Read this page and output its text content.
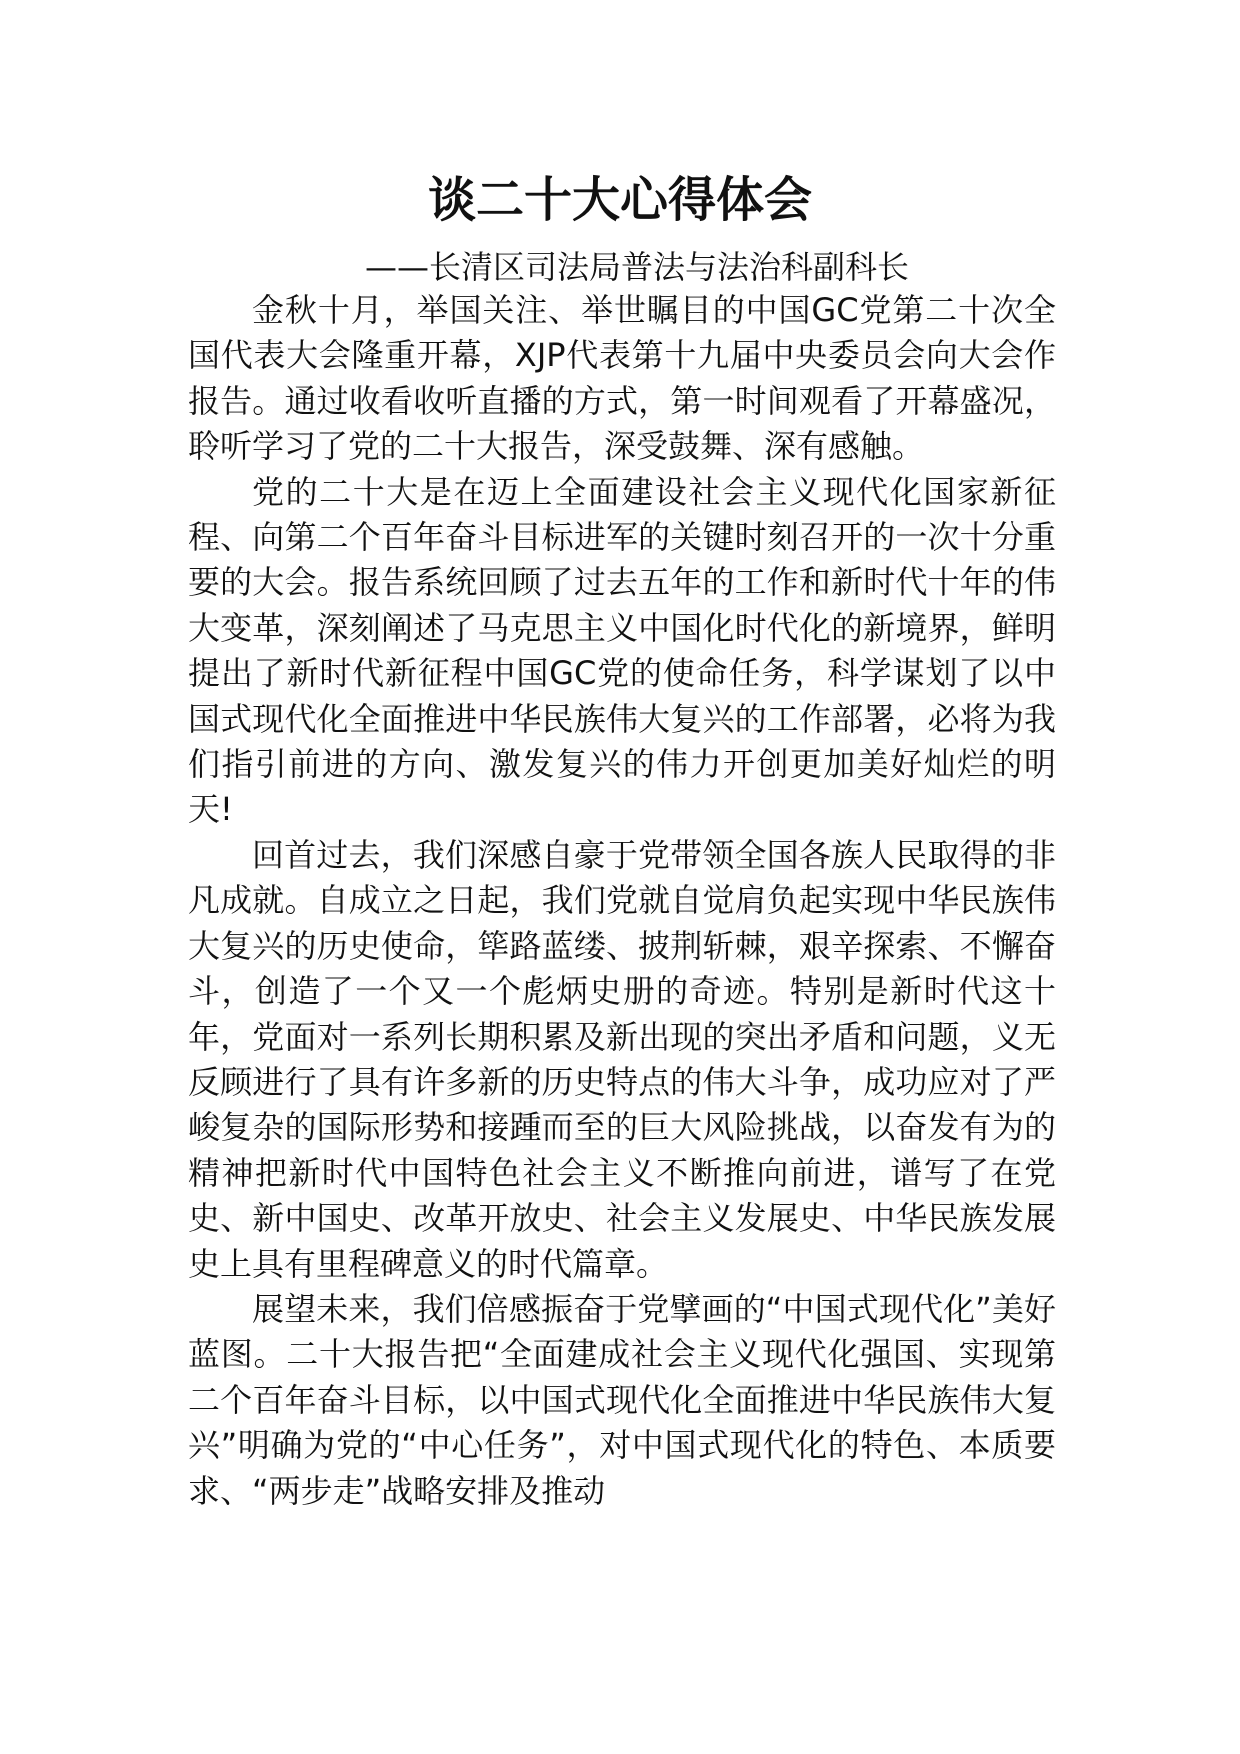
谈二十大心得体会

——长清区司法局普法与法治科副科长

金秋十月，举国关注、举世瞩目的中国GC党第二十次全国代表大会隆重开幕，XJP代表第十九届中央委员会向大会作报告。通过收看收听直播的方式，第一时间观看了开幕盛况，聆听学习了党的二十大报告，深受鼓舞、深有感触。

党的二十大是在迈上全面建设社会主义现代化国家新征程、向第二个百年奋斗目标进军的关键时刻召开的一次十分重要的大会。报告系统回顾了过去五年的工作和新时代十年的伟大变革，深刻阐述了马克思主义中国化时代化的新境界，鲜明提出了新时代新征程中国GC党的使命任务，科学谋划了以中国式现代化全面推进中华民族伟大复兴的工作部署，必将为我们指引前进的方向、激发复兴的伟力开创更加美好灿烂的明天!

回首过去，我们深感自豪于党带领全国各族人民取得的非凡成就。自成立之日起，我们党就自觉肩负起实现中华民族伟大复兴的历史使命，筚路蓝缕、披荆斩棘，艰辛探索、不懈奋斗，创造了一个又一个彪炳史册的奇迹。特别是新时代这十年，党面对一系列长期积累及新出现的突出矛盾和问题，义无反顾进行了具有许多新的历史特点的伟大斗争，成功应对了严峻复杂的国际形势和接踵而至的巨大风险挑战，以奋发有为的精神把新时代中国特色社会主义不断推向前进，谱写了在党史、新中国史、改革开放史、社会主义发展史、中华民族发展史上具有里程碑意义的时代篇章。

展望未来，我们倍感振奋于党擘画的“中国式现代化”美好蓝图。二十大报告把“全面建成社会主义现代化强国、实现第二个百年奋斗目标，以中国式现代化全面推进中华民族伟大复兴”明确为党的“中心任务”，对中国式现代化的特色、本质要求、“两步走”战略安排及推动
